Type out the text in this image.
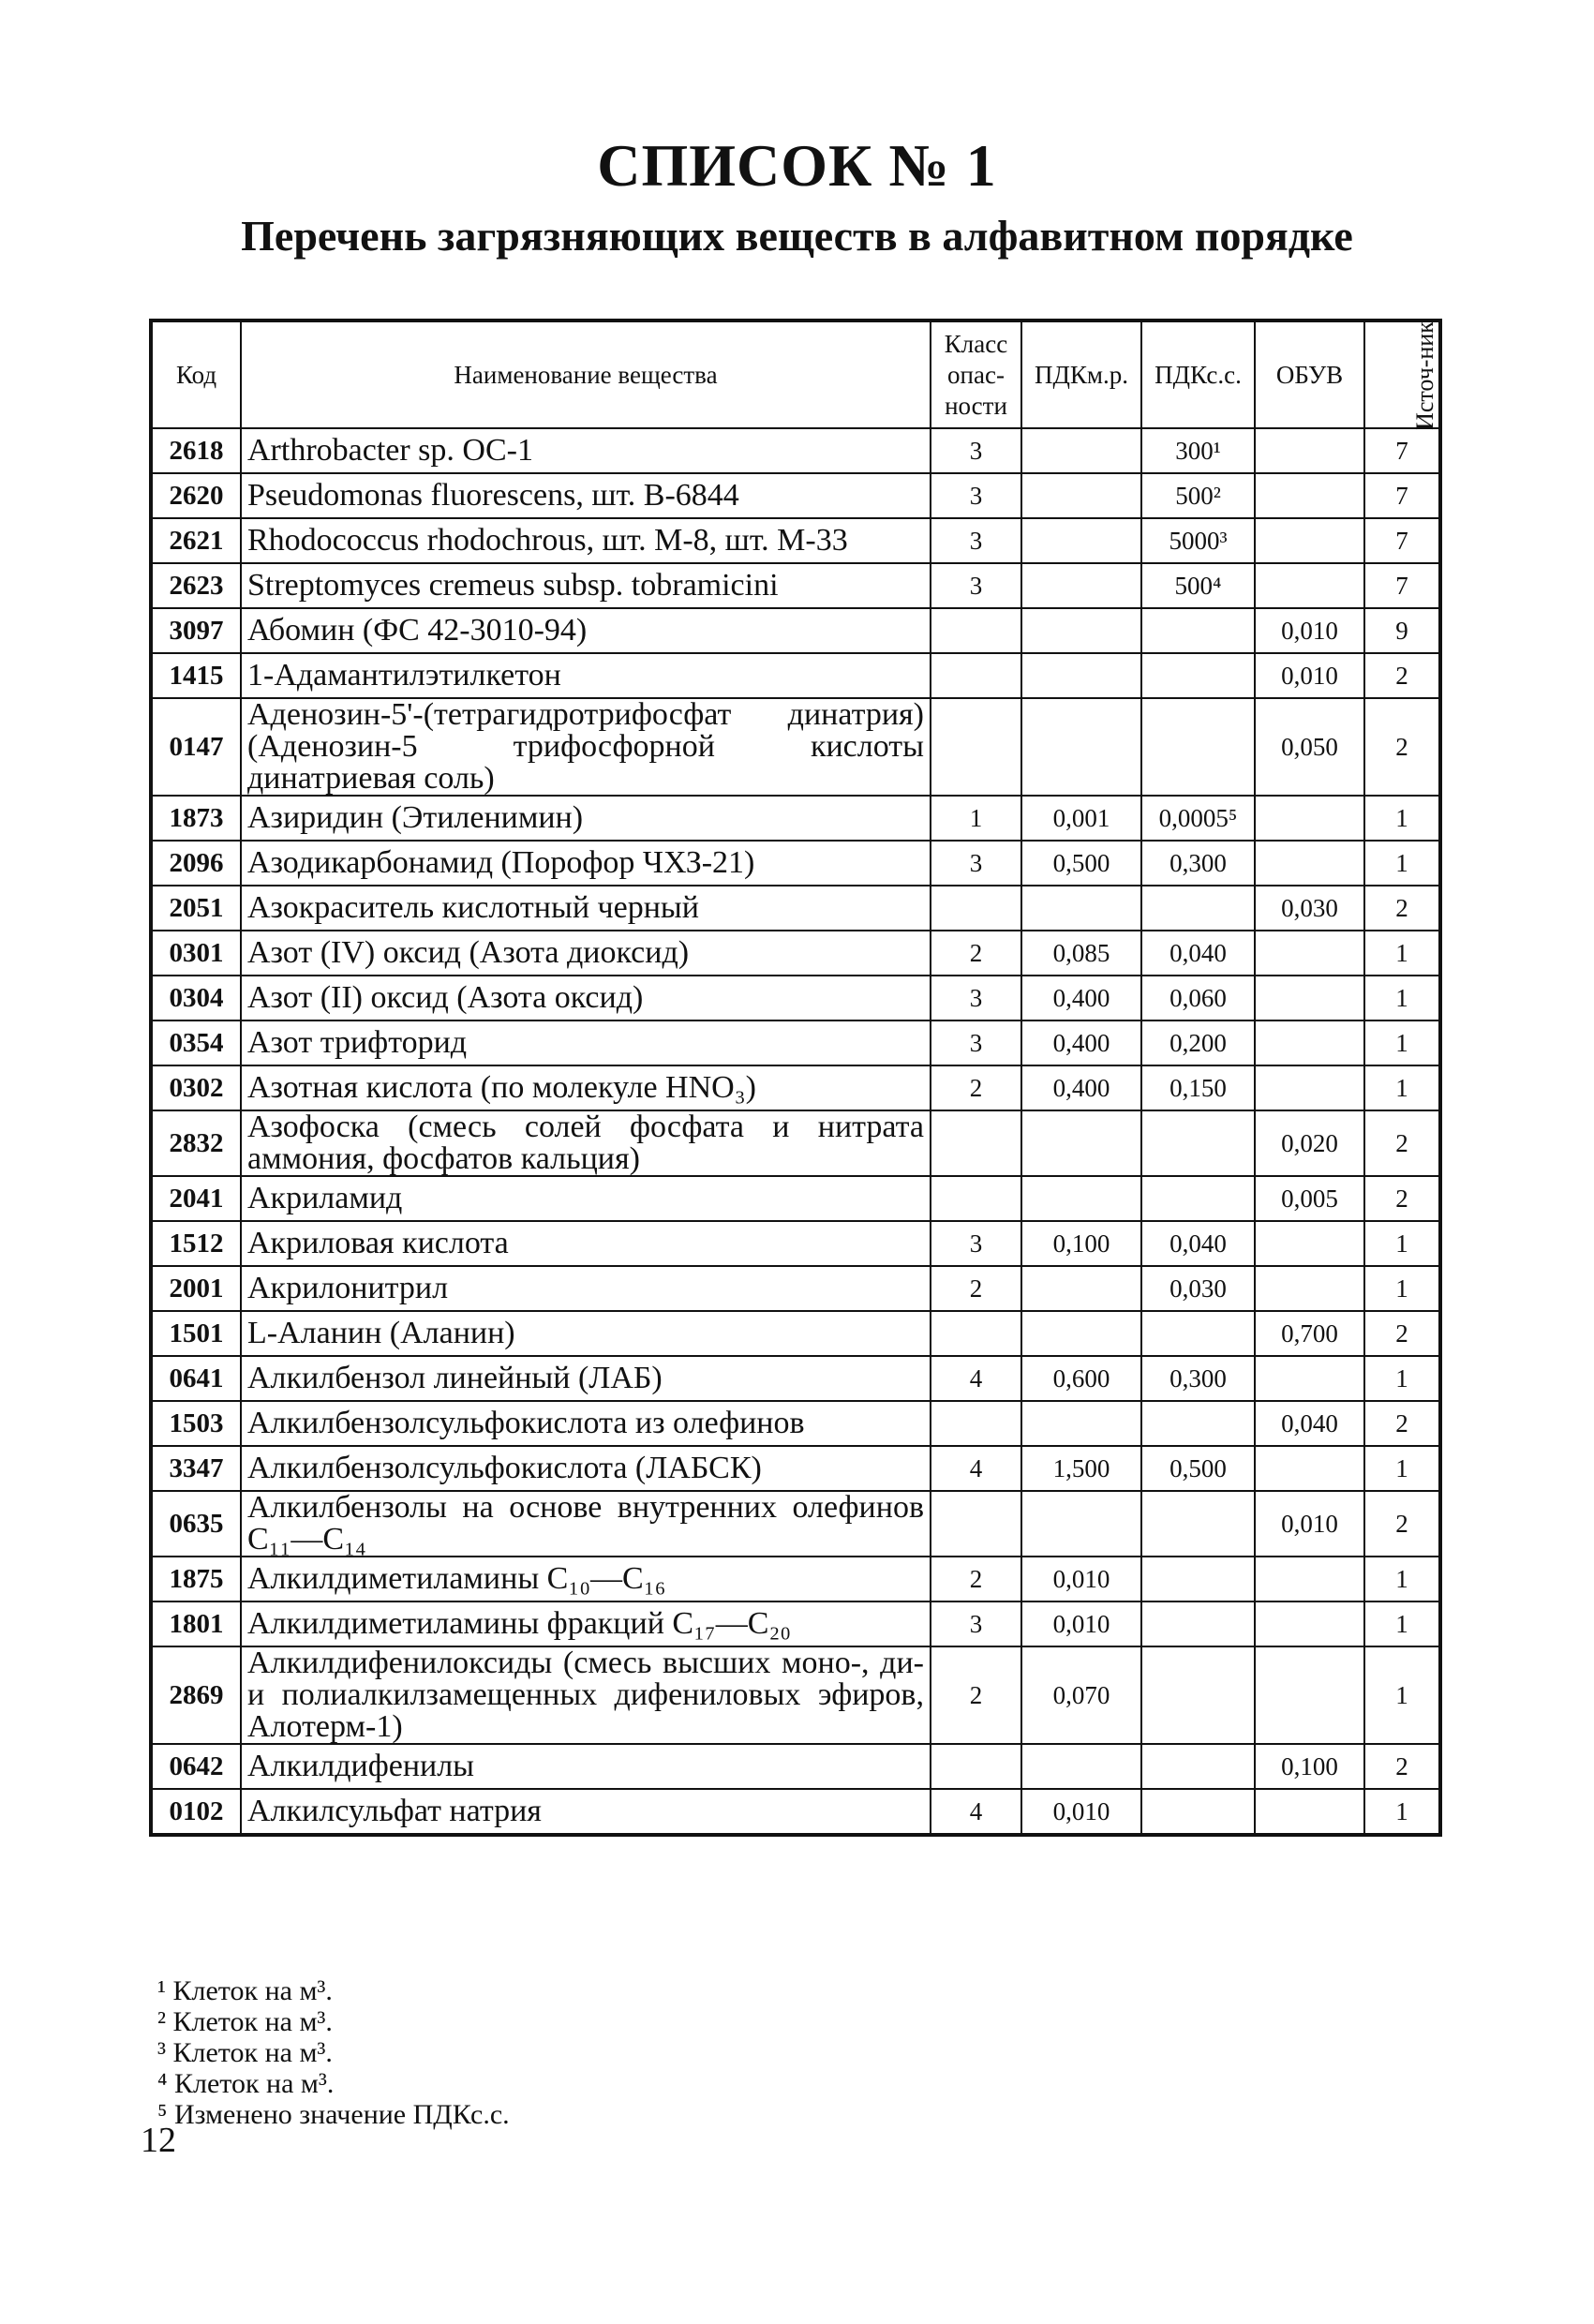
СПИСОК № 1
Перечень загрязняющих веществ в алфавитном порядке
Код	Наименование вещества	Класс опас-ности	ПДКм.р.	ПДКс.с.	ОБУВ	Источ-ник
2618	Arthrobacter sp. OC-1	3		300¹		7
2620	Pseudomonas fluorescens, шт. В-6844	3		500²		7
2621	Rhodococcus rhodochrous, шт. М-8, шт. М-33	3		5000³		7
2623	Streptomyces cremeus subsp. tobramicini	3		500⁴		7
3097	Абомин (ФС 42-3010-94)				0,010	9
1415	1-Адамантилэтилкетон				0,010	2
0147	Аденозин-5'-(тетрагидротрифосфат динатрия) (Аденозин-5 трифосфорной кислоты динатриевая соль)				0,050	2
1873	Азиридин (Этиленимин)	1	0,001	0,0005⁵		1
2096	Азодикарбонамид (Порофор ЧХЗ-21)	3	0,500	0,300		1
2051	Азокраситель кислотный черный				0,030	2
0301	Азот (IV) оксид (Азота диоксид)	2	0,085	0,040		1
0304	Азот (II) оксид (Азота оксид)	3	0,400	0,060		1
0354	Азот трифторид	3	0,400	0,200		1
0302	Азотная кислота (по молекуле HNO₃)	2	0,400	0,150		1
2832	Азофоска (смесь солей фосфата и нитрата аммония, фосфатов кальция)				0,020	2
2041	Акриламид				0,005	2
1512	Акриловая кислота	3	0,100	0,040		1
2001	Акрилонитрил	2		0,030		1
1501	L-Аланин (Аланин)				0,700	2
0641	Алкилбензол линейный (ЛАБ)	4	0,600	0,300		1
1503	Алкилбензолсульфокислота из олефинов				0,040	2
3347	Алкилбензолсульфокислота (ЛАБСК)	4	1,500	0,500		1
0635	Алкилбензолы на основе внутренних олефинов C₁₁—C₁₄				0,010	2
1875	Алкилдиметиламины C₁₀—C₁₆	2	0,010			1
1801	Алкилдиметиламины фракций C₁₇—C₂₀	3	0,010			1
2869	Алкилдифенилоксиды (смесь высших моно-, ди- и полиалкилзамещенных дифениловых эфиров, Алотерм-1)	2	0,070			1
0642	Алкилдифенилы				0,100	2
0102	Алкилсульфат натрия	4	0,010			1
¹ Клеток на м³.
² Клеток на м³.
³ Клеток на м³.
⁴ Клеток на м³.
⁵ Изменено значение ПДКс.с.
12
